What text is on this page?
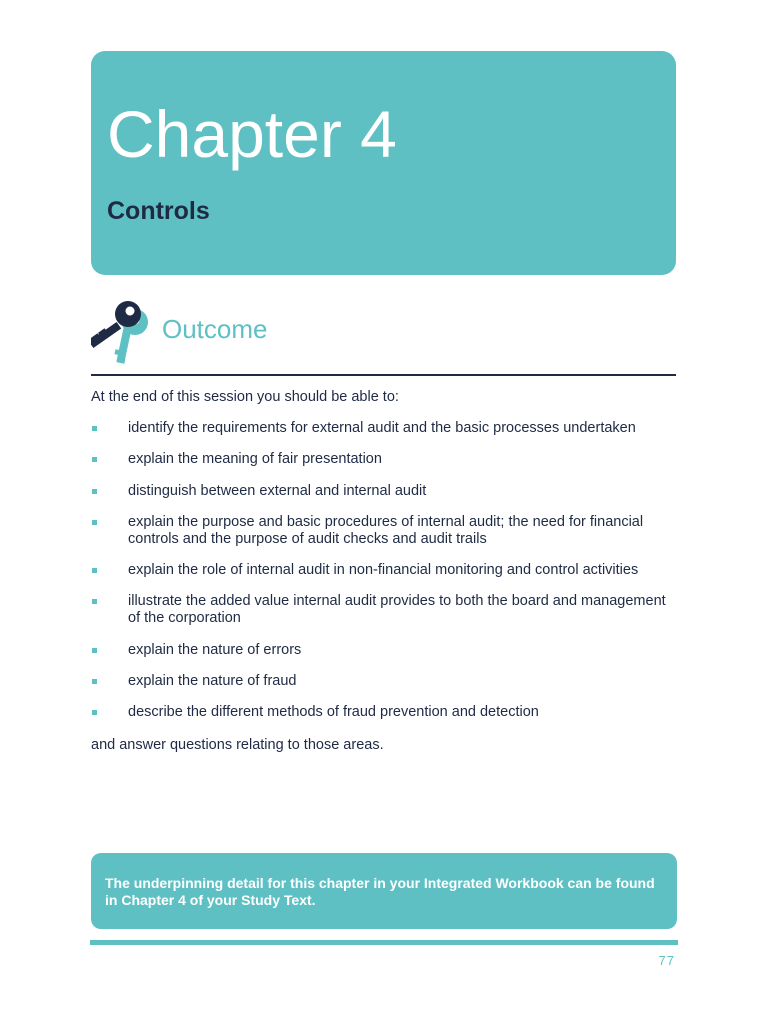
Chapter 4
Controls
Outcome

At the end of this session you should be able to:

identify the requirements for external audit and the basic processes undertaken
explain the meaning of fair presentation
distinguish between external and internal audit
explain the purpose and basic procedures of internal audit; the need for financial controls and the purpose of audit checks and audit trails
explain the role of internal audit in non-financial monitoring and control activities
illustrate the added value internal audit provides to both the board and management of the corporation
explain the nature of errors
explain the nature of fraud
describe the different methods of fraud prevention and detection

and answer questions relating to those areas.

The underpinning detail for this chapter in your Integrated Workbook can be found in Chapter 4 of your Study Text.

77
